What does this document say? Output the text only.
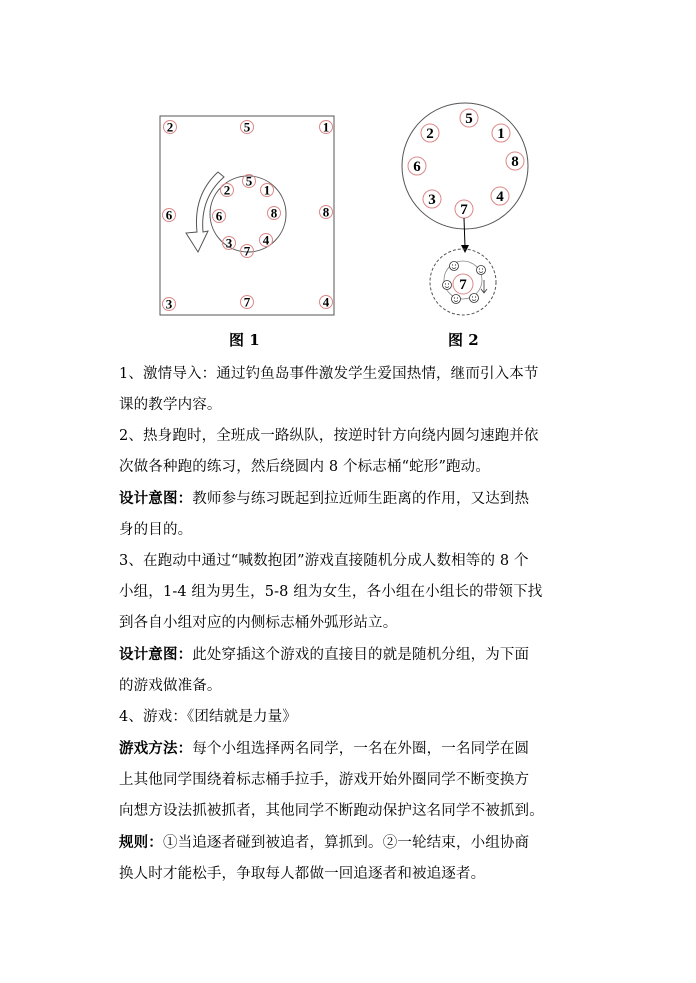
2	5	1
6	8
3	7	4
5
2	1
6	8
3
7
4
5
2	1
6	8
3	4
7
7
图 1	图 2

1、激情导入：通过钓鱼岛事件激发学生爱国热情，继而引入本节
课的教学内容。

2、热身跑时，全班成一路纵队，按逆时针方向绕内圆匀速跑并依
次做各种跑的练习，然后绕圆内 8 个标志桶“蛇形”跑动。

设计意图：教师参与练习既起到拉近师生距离的作用，又达到热
身的目的。

3、在跑动中通过“喊数抱团”游戏直接随机分成人数相等的 8 个
小组，1-4 组为男生，5-8 组为女生，各小组在小组长的带领下找
到各自小组对应的内侧标志桶外弧形站立。

设计意图：此处穿插这个游戏的直接目的就是随机分组，为下面
的游戏做准备。

4、游戏：《团结就是力量》

游戏方法：每个小组选择两名同学，一名在外圈，一名同学在圆
上其他同学围绕着标志桶手拉手，游戏开始外圈同学不断变换方
向想方设法抓被抓者，其他同学不断跑动保护这名同学不被抓到。

规则：①当追逐者碰到被追者，算抓到。②一轮结束，小组协商
换人时才能松手，争取每人都做一回追逐者和被追逐者。
